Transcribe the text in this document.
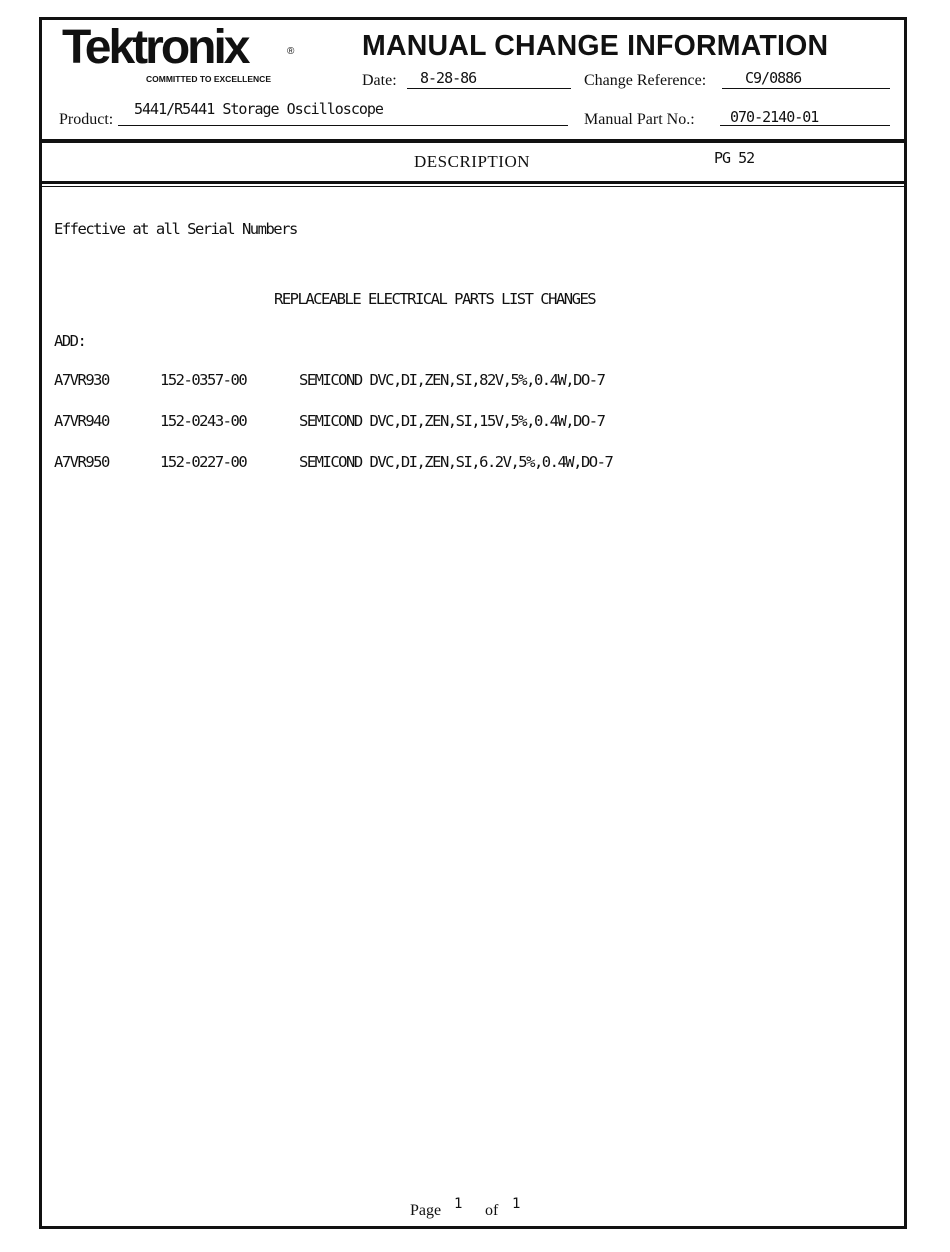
Tektronix	®
COMMITTED TO EXCELLENCE
MANUAL CHANGE INFORMATION
Date: 8-28-86	Change Reference:	C9/0886
Product:
5441/R5441 Storage Oscilloscope
Manual Part No.: 070-2140-01
DESCRIPTION	PG 52
Effective at all Serial Numbers
REPLACEABLE ELECTRICAL PARTS LIST CHANGES
ADD:
A7VR930	152-0357-00	SEMICOND DVC,DI,ZEN,SI,82V,5%,0.4W,DO-7
A7VR940	152-0243-00	SEMICOND DVC,DI,ZEN,SI,15V,5%,0.4W,DO-7
A7VR950	152-0227-00	SEMICOND DVC,DI,ZEN,SI,6.2V,5%,0.4W,DO-7
Page 1 of 1
